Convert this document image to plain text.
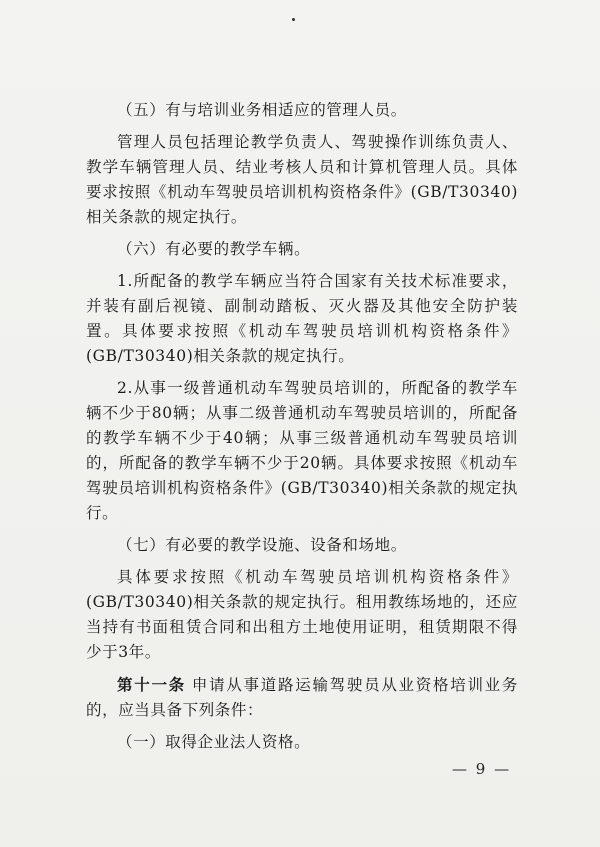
（五）有与培训业务相适应的管理人员。

管理人员包括理论教学负责人、驾驶操作训练负责人、教学车辆管理人员、结业考核人员和计算机管理人员。具体要求按照《机动车驾驶员培训机构资格条件》(GB/T30340)相关条款的规定执行。

（六）有必要的教学车辆。

1.所配备的教学车辆应当符合国家有关技术标准要求，并装有副后视镜、副制动踏板、灭火器及其他安全防护装置。具体要求按照《机动车驾驶员培训机构资格条件》(GB/T30340)相关条款的规定执行。

2.从事一级普通机动车驾驶员培训的，所配备的教学车辆不少于80辆；从事二级普通机动车驾驶员培训的，所配备的教学车辆不少于40辆；从事三级普通机动车驾驶员培训的，所配备的教学车辆不少于20辆。具体要求按照《机动车驾驶员培训机构资格条件》(GB/T30340)相关条款的规定执行。

（七）有必要的教学设施、设备和场地。

具体要求按照《机动车驾驶员培训机构资格条件》(GB/T30340)相关条款的规定执行。租用教练场地的，还应当持有书面租赁合同和出租方土地使用证明，租赁期限不得少于3年。

第十一条 申请从事道路运输驾驶员从业资格培训业务的，应当具备下列条件：

（一）取得企业法人资格。

— 9 —
